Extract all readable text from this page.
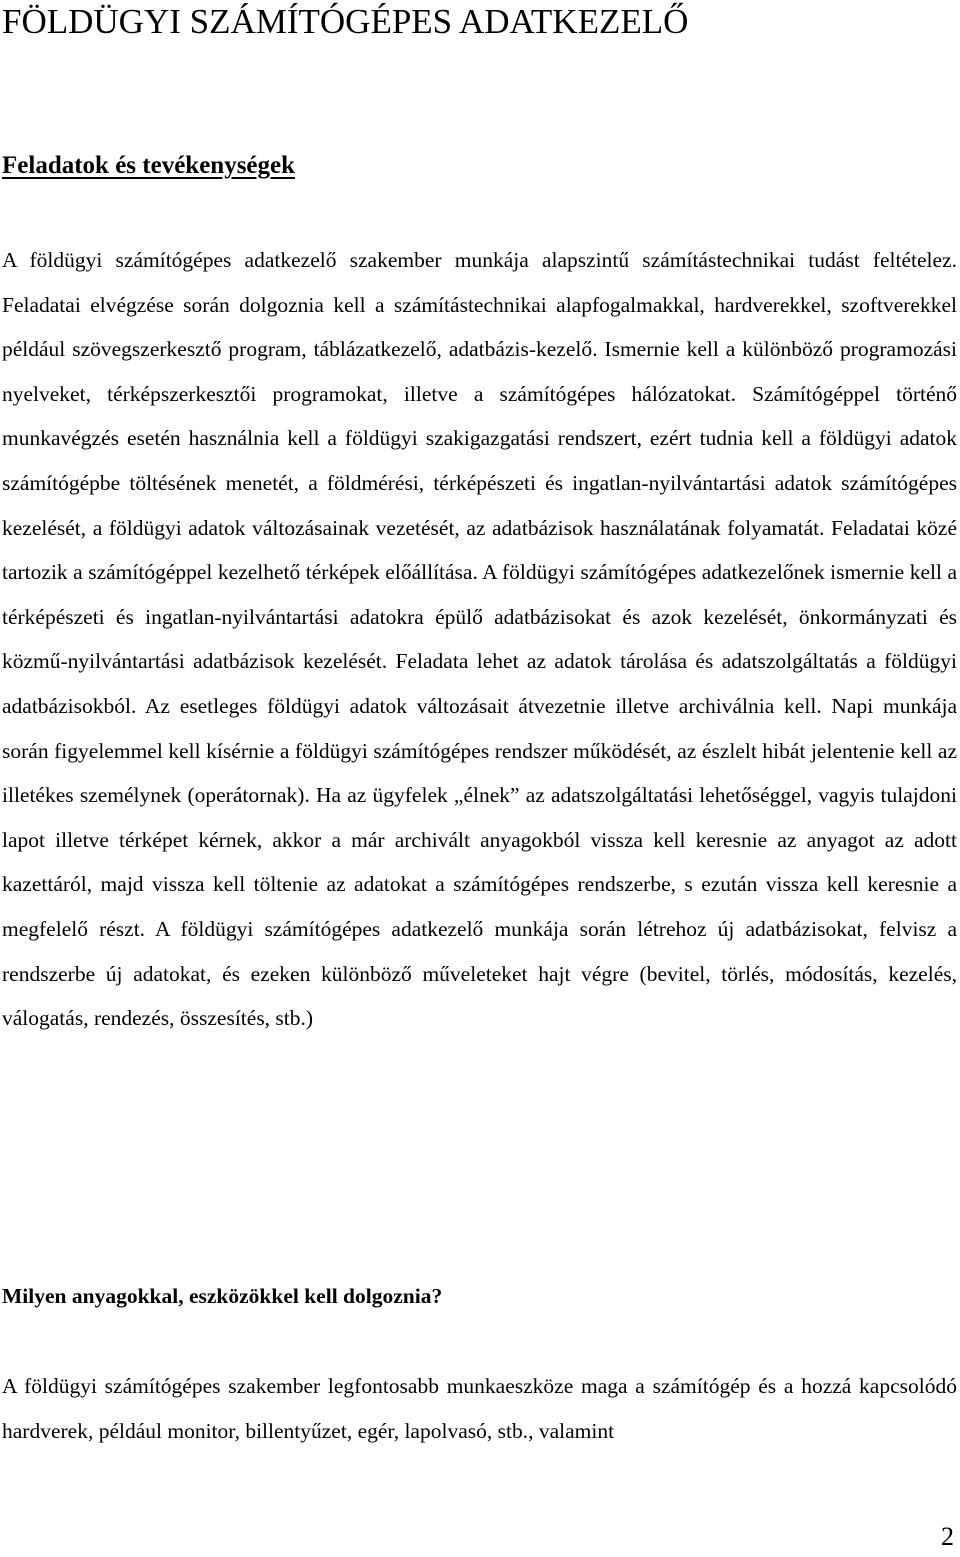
FÖLDÜGYI SZÁMÍTÓGÉPES ADATKEZELŐ
Feladatok és tevékenységek

A földügyi számítógépes adatkezelő szakember munkája alapszintű számítástechnikai tudást feltételez. Feladatai elvégzése során dolgoznia kell a számítástechnikai alapfogalmakkal, hardverekkel, szoftverekkel például szövegszerkesztő program, táblázatkezelő, adatbázis-kezelő. Ismernie kell a különböző programozási nyelveket, térképszerkesztői programokat, illetve a számítógépes hálózatokat. Számítógéppel történő munkavégzés esetén használnia kell a földügyi szakigazgatási rendszert, ezért tudnia kell a földügyi adatok számítógépbe töltésének menetét, a földmérési, térképészeti és ingatlan-nyilvántartási adatok számítógépes kezelését, a földügyi adatok változásainak vezetését, az adatbázisok használatának folyamatát. Feladatai közé tartozik a számítógéppel kezelhető térképek előállítása. A földügyi számítógépes adatkezelőnek ismernie kell a térképészeti és ingatlan-nyilvántartási adatokra épülő adatbázisokat és azok kezelését, önkormányzati és közmű-nyilvántartási adatbázisok kezelését. Feladata lehet az adatok tárolása és adatszolgáltatás a földügyi adatbázisokból. Az esetleges földügyi adatok változásait átvezetnie illetve archiválnia kell. Napi munkája során figyelemmel kell kísérnie a földügyi számítógépes rendszer működését, az észlelt hibát jelentenie kell az illetékes személynek (operátornak). Ha az ügyfelek „élnek” az adatszolgáltatási lehetőséggel, vagyis tulajdoni lapot illetve térképet kérnek, akkor a már archivált anyagokból vissza kell keresnie az anyagot az adott kazettáról, majd vissza kell töltenie az adatokat a számítógépes rendszerbe, s ezután vissza kell keresnie a megfelelő részt. A földügyi számítógépes adatkezelő munkája során létrehoz új adatbázisokat, felvisz a rendszerbe új adatokat, és ezeken különböző műveleteket hajt végre (bevitel, törlés, módosítás, kezelés, válogatás, rendezés, összesítés, stb.)

Milyen anyagokkal, eszközökkel kell dolgoznia?

A földügyi számítógépes szakember legfontosabb munkaeszköze maga a számítógép és a hozzá kapcsolódó hardverek, például monitor, billentyűzet, egér, lapolvasó, stb., valamint

2
